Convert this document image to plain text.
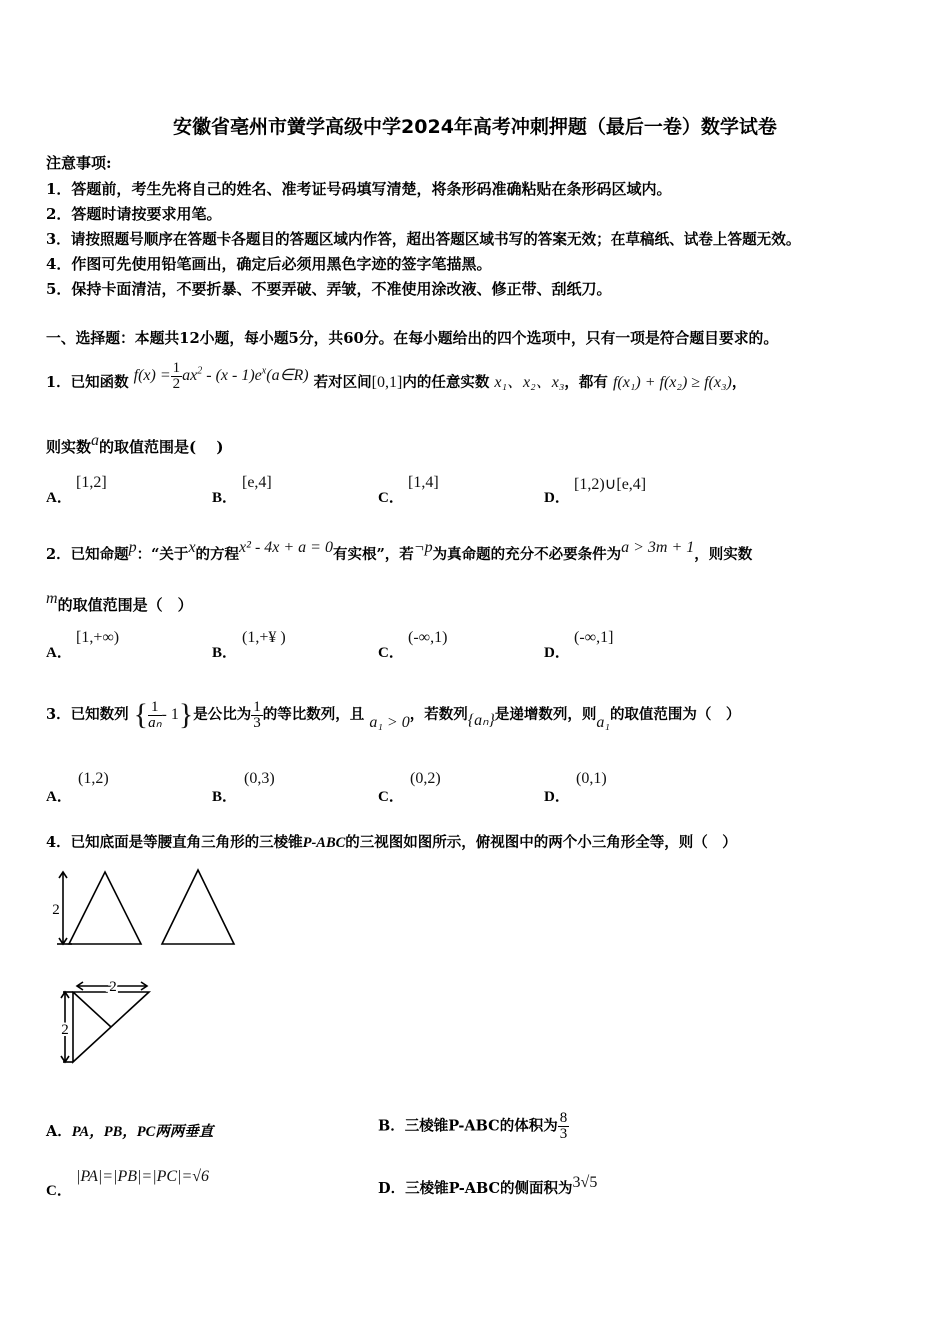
安徽省亳州市黉学高级中学2024年高考冲刺押题（最后一卷）数学试卷
注意事项:
1．答题前，考生先将自己的姓名、准考证号码填写清楚，将条形码准确粘贴在条形码区域内。
2．答题时请按要求用笔。
3．请按照题号顺序在答题卡各题目的答题区域内作答，超出答题区域书写的答案无效；在草稿纸、试卷上答题无效。
4．作图可先使用铅笔画出，确定后必须用黑色字迹的签字笔描黑。
5．保持卡面清洁，不要折暴、不要弄破、弄皱，不准使用涂改液、修正带、刮纸刀。
一、选择题：本题共12小题，每小题5分，共60分。在每小题给出的四个选项中，只有一项是符合题目要求的。
1．已知函数 $f(x) = \frac{1}{2} ax^2 - (x$ - $1)e^x(a\in R)$ 若对区间[0,1]内的任意实数 x₁、x₂、x₃，都有 f(x₁) + f(x₂) ≥ f(x₃)，
则实数a的取值范围是(　 )
A．
[1,2]
B．
[e,4]
C．
[1,4]
D．
[1,2)∪[e,4]
2．已知命题p：“关于x的方程x² - 4x + a = 0有实根”，若¬p为真命题的充分不必要条件为a > 3m + 1，则实数
m的取值范围是（　）
A．
[1,+∞)
B．
(1,+¥ )
C．
(-∞,1)
D．
(-∞,1]
3．已知数列 { $\frac{1}{\text{aₙ}} - 1$}是公比为 $\frac{1}{3}$ 的等比数列，且 a₁ > 0，若数列{aₙ}是递增数列，则a₁的取值范围为（　）
A．
(1,2)
B．
(0,3)
C．
(0,2)
D．
(0,1)
4．已知底面是等腰直角三角形的三棱锥P-ABC的三视图如图所示，俯视图中的两个小三角形全等，则（　）
2
2
2
A．PA，PB，PC两两垂直	B．三棱锥P-ABC的体积为 $\frac{8}{3}$
C．
|PA|=|PB|=|PC|=√6
D．三棱锥P-ABC的侧面积为3√5
